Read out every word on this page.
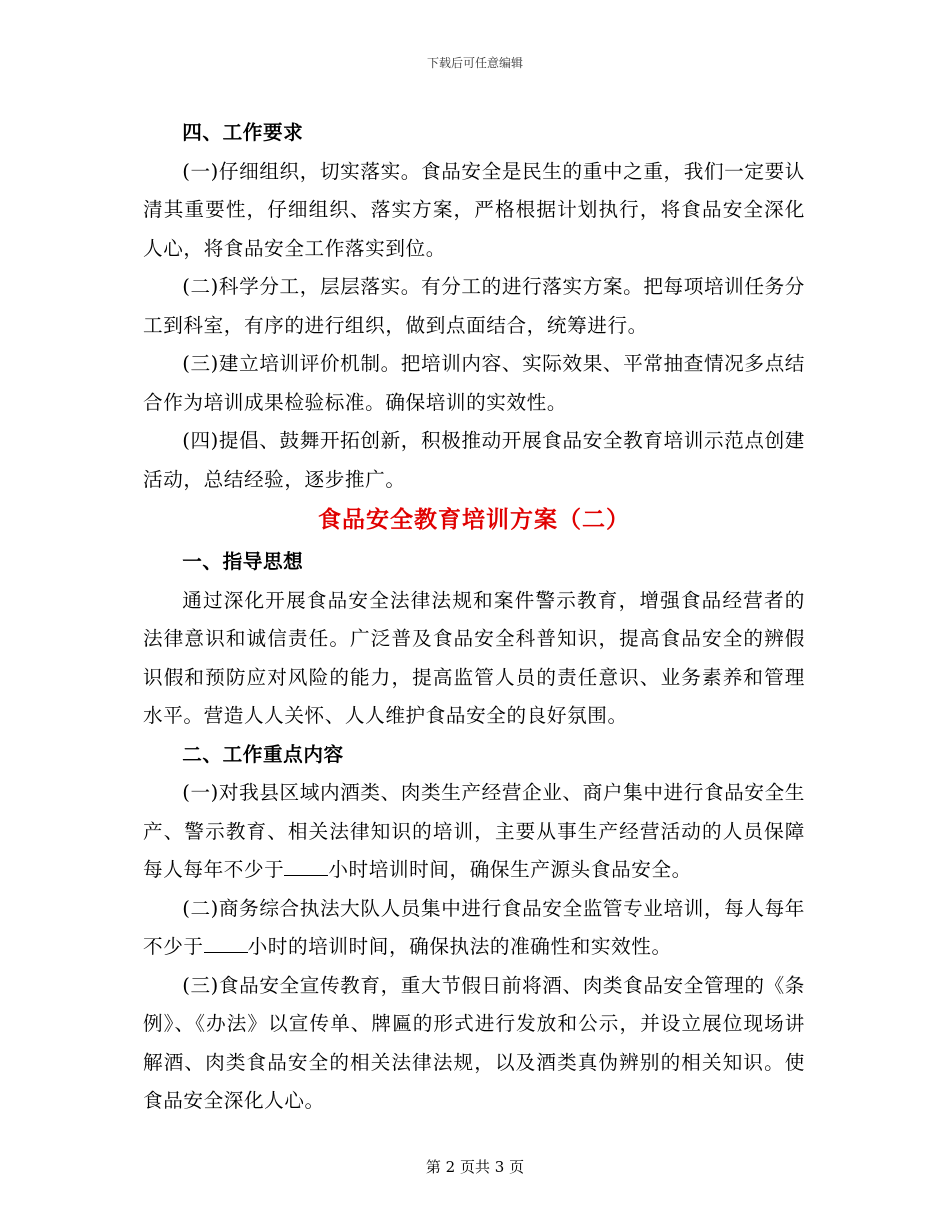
下载后可任意编辑

四、工作要求

(一)仔细组织，切实落实。食品安全是民生的重中之重，我们一定要认清其重要性，仔细组织、落实方案，严格根据计划执行，将食品安全深化人心，将食品安全工作落实到位。

(二)科学分工，层层落实。有分工的进行落实方案。把每项培训任务分工到科室，有序的进行组织，做到点面结合，统筹进行。

(三)建立培训评价机制。把培训内容、实际效果、平常抽查情况多点结合作为培训成果检验标准。确保培训的实效性。

(四)提倡、鼓舞开拓创新，积极推动开展食品安全教育培训示范点创建活动，总结经验，逐步推广。

食品安全教育培训方案（二）

一、指导思想

通过深化开展食品安全法律法规和案件警示教育，增强食品经营者的法律意识和诚信责任。广泛普及食品安全科普知识，提高食品安全的辨假识假和预防应对风险的能力，提高监管人员的责任意识、业务素养和管理水平。营造人人关怀、人人维护食品安全的良好氛围。

二、工作重点内容

(一)对我县区域内酒类、肉类生产经营企业、商户集中进行食品安全生产、警示教育、相关法律知识的培训，主要从事生产经营活动的人员保障每人每年不少于 小时培训时间，确保生产源头食品安全。

(二)商务综合执法大队人员集中进行食品安全监管专业培训，每人每年不少于 小时的培训时间，确保执法的准确性和实效性。

(三)食品安全宣传教育，重大节假日前将酒、肉类食品安全管理的《条例》、《办法》以宣传单、牌匾的形式进行发放和公示，并设立展位现场讲解酒、肉类食品安全的相关法律法规，以及酒类真伪辨别的相关知识。使食品安全深化人心。

第 2 页共 3 页
